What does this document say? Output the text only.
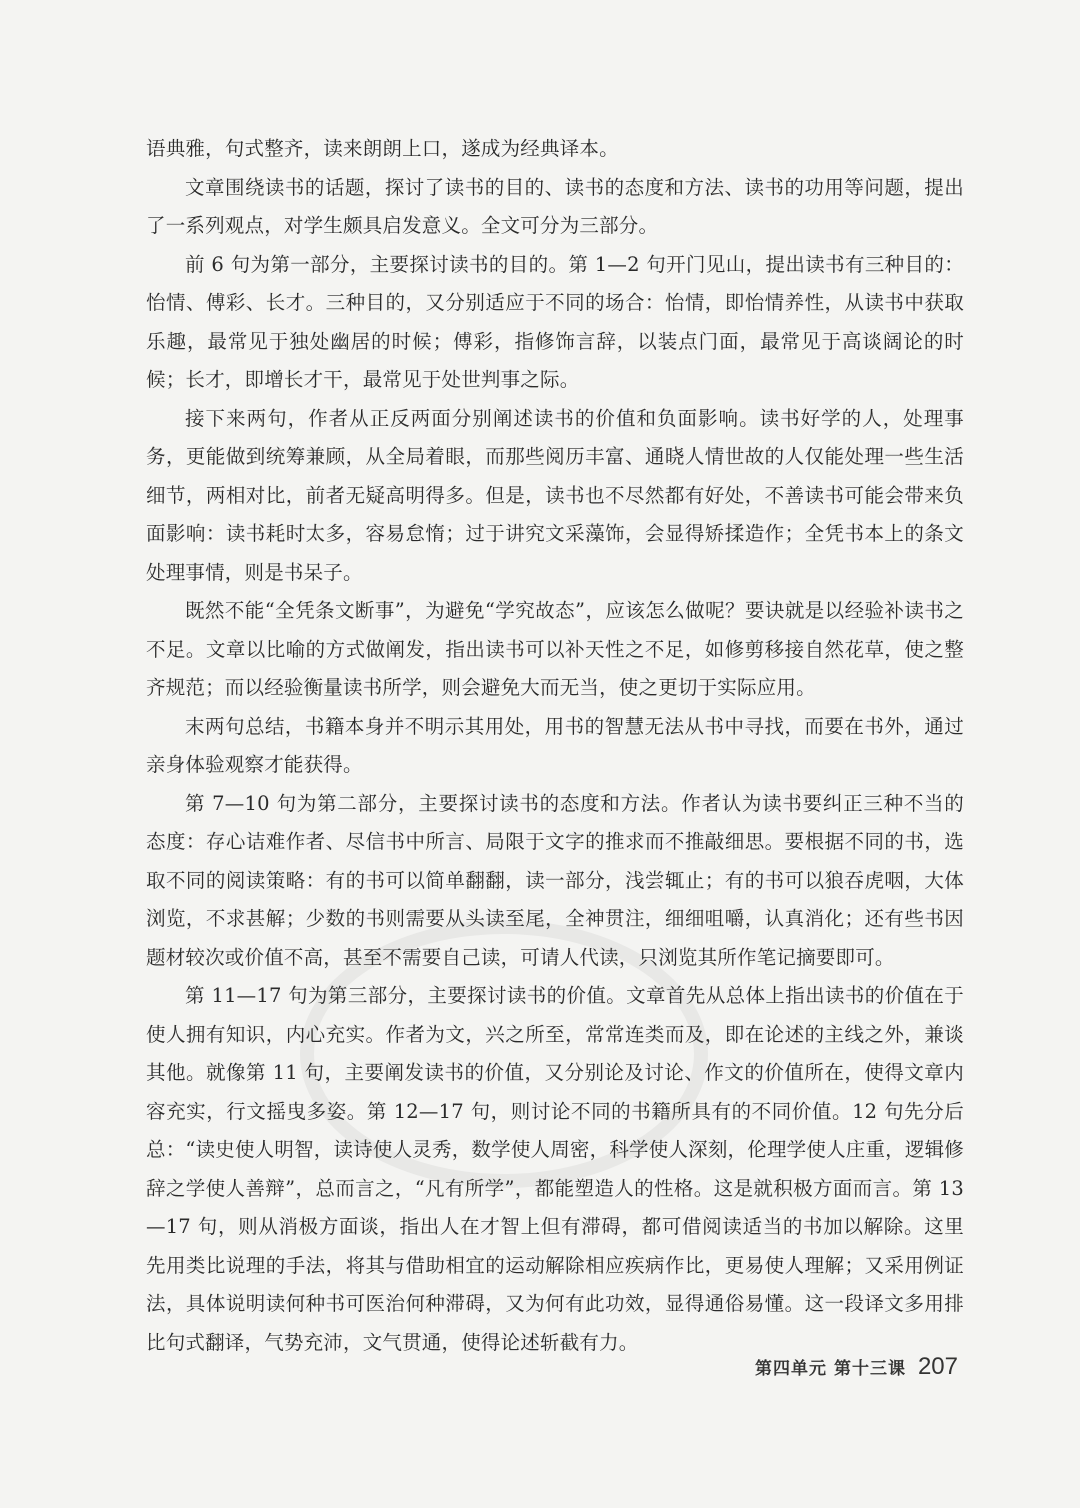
语典雅，句式整齐，读来朗朗上口，遂成为经典译本。

文章围绕读书的话题，探讨了读书的目的、读书的态度和方法、读书的功用等问题，提出了一系列观点，对学生颇具启发意义。全文可分为三部分。

前 6 句为第一部分，主要探讨读书的目的。第 1—2 句开门见山，提出读书有三种目的：怡情、傅彩、长才。三种目的，又分别适应于不同的场合：怡情，即怡情养性，从读书中获取乐趣，最常见于独处幽居的时候；傅彩，指修饰言辞，以装点门面，最常见于高谈阔论的时候；长才，即增长才干，最常见于处世判事之际。

接下来两句，作者从正反两面分别阐述读书的价值和负面影响。读书好学的人，处理事务，更能做到统筹兼顾，从全局着眼，而那些阅历丰富、通晓人情世故的人仅能处理一些生活细节，两相对比，前者无疑高明得多。但是，读书也不尽然都有好处，不善读书可能会带来负面影响：读书耗时太多，容易怠惰；过于讲究文采藻饰，会显得矫揉造作；全凭书本上的条文处理事情，则是书呆子。

既然不能“全凭条文断事”，为避免“学究故态”，应该怎么做呢？要诀就是以经验补读书之不足。文章以比喻的方式做阐发，指出读书可以补天性之不足，如修剪移接自然花草，使之整齐规范；而以经验衡量读书所学，则会避免大而无当，使之更切于实际应用。

末两句总结，书籍本身并不明示其用处，用书的智慧无法从书中寻找，而要在书外，通过亲身体验观察才能获得。

第 7—10 句为第二部分，主要探讨读书的态度和方法。作者认为读书要纠正三种不当的态度：存心诘难作者、尽信书中所言、局限于文字的推求而不推敲细思。要根据不同的书，选取不同的阅读策略：有的书可以简单翻翻，读一部分，浅尝辄止；有的书可以狼吞虎咽，大体浏览，不求甚解；少数的书则需要从头读至尾，全神贯注，细细咀嚼，认真消化；还有些书因题材较次或价值不高，甚至不需要自己读，可请人代读，只浏览其所作笔记摘要即可。

第 11—17 句为第三部分，主要探讨读书的价值。文章首先从总体上指出读书的价值在于使人拥有知识，内心充实。作者为文，兴之所至，常常连类而及，即在论述的主线之外，兼谈其他。就像第 11 句，主要阐发读书的价值，又分别论及讨论、作文的价值所在，使得文章内容充实，行文摇曳多姿。第 12—17 句，则讨论不同的书籍所具有的不同价值。12 句先分后总：“读史使人明智，读诗使人灵秀，数学使人周密，科学使人深刻，伦理学使人庄重，逻辑修辞之学使人善辩”，总而言之，“凡有所学”，都能塑造人的性格。这是就积极方面而言。第 13—17 句，则从消极方面谈，指出人在才智上但有滞碍，都可借阅读适当的书加以解除。这里先用类比说理的手法，将其与借助相宜的运动解除相应疾病作比，更易使人理解；又采用例证法，具体说明读何种书可医治何种滞碍，又为何有此功效，显得通俗易懂。这一段译文多用排比句式翻译，气势充沛，文气贯通，使得论述斩截有力。

第四单元 第十三课 207
